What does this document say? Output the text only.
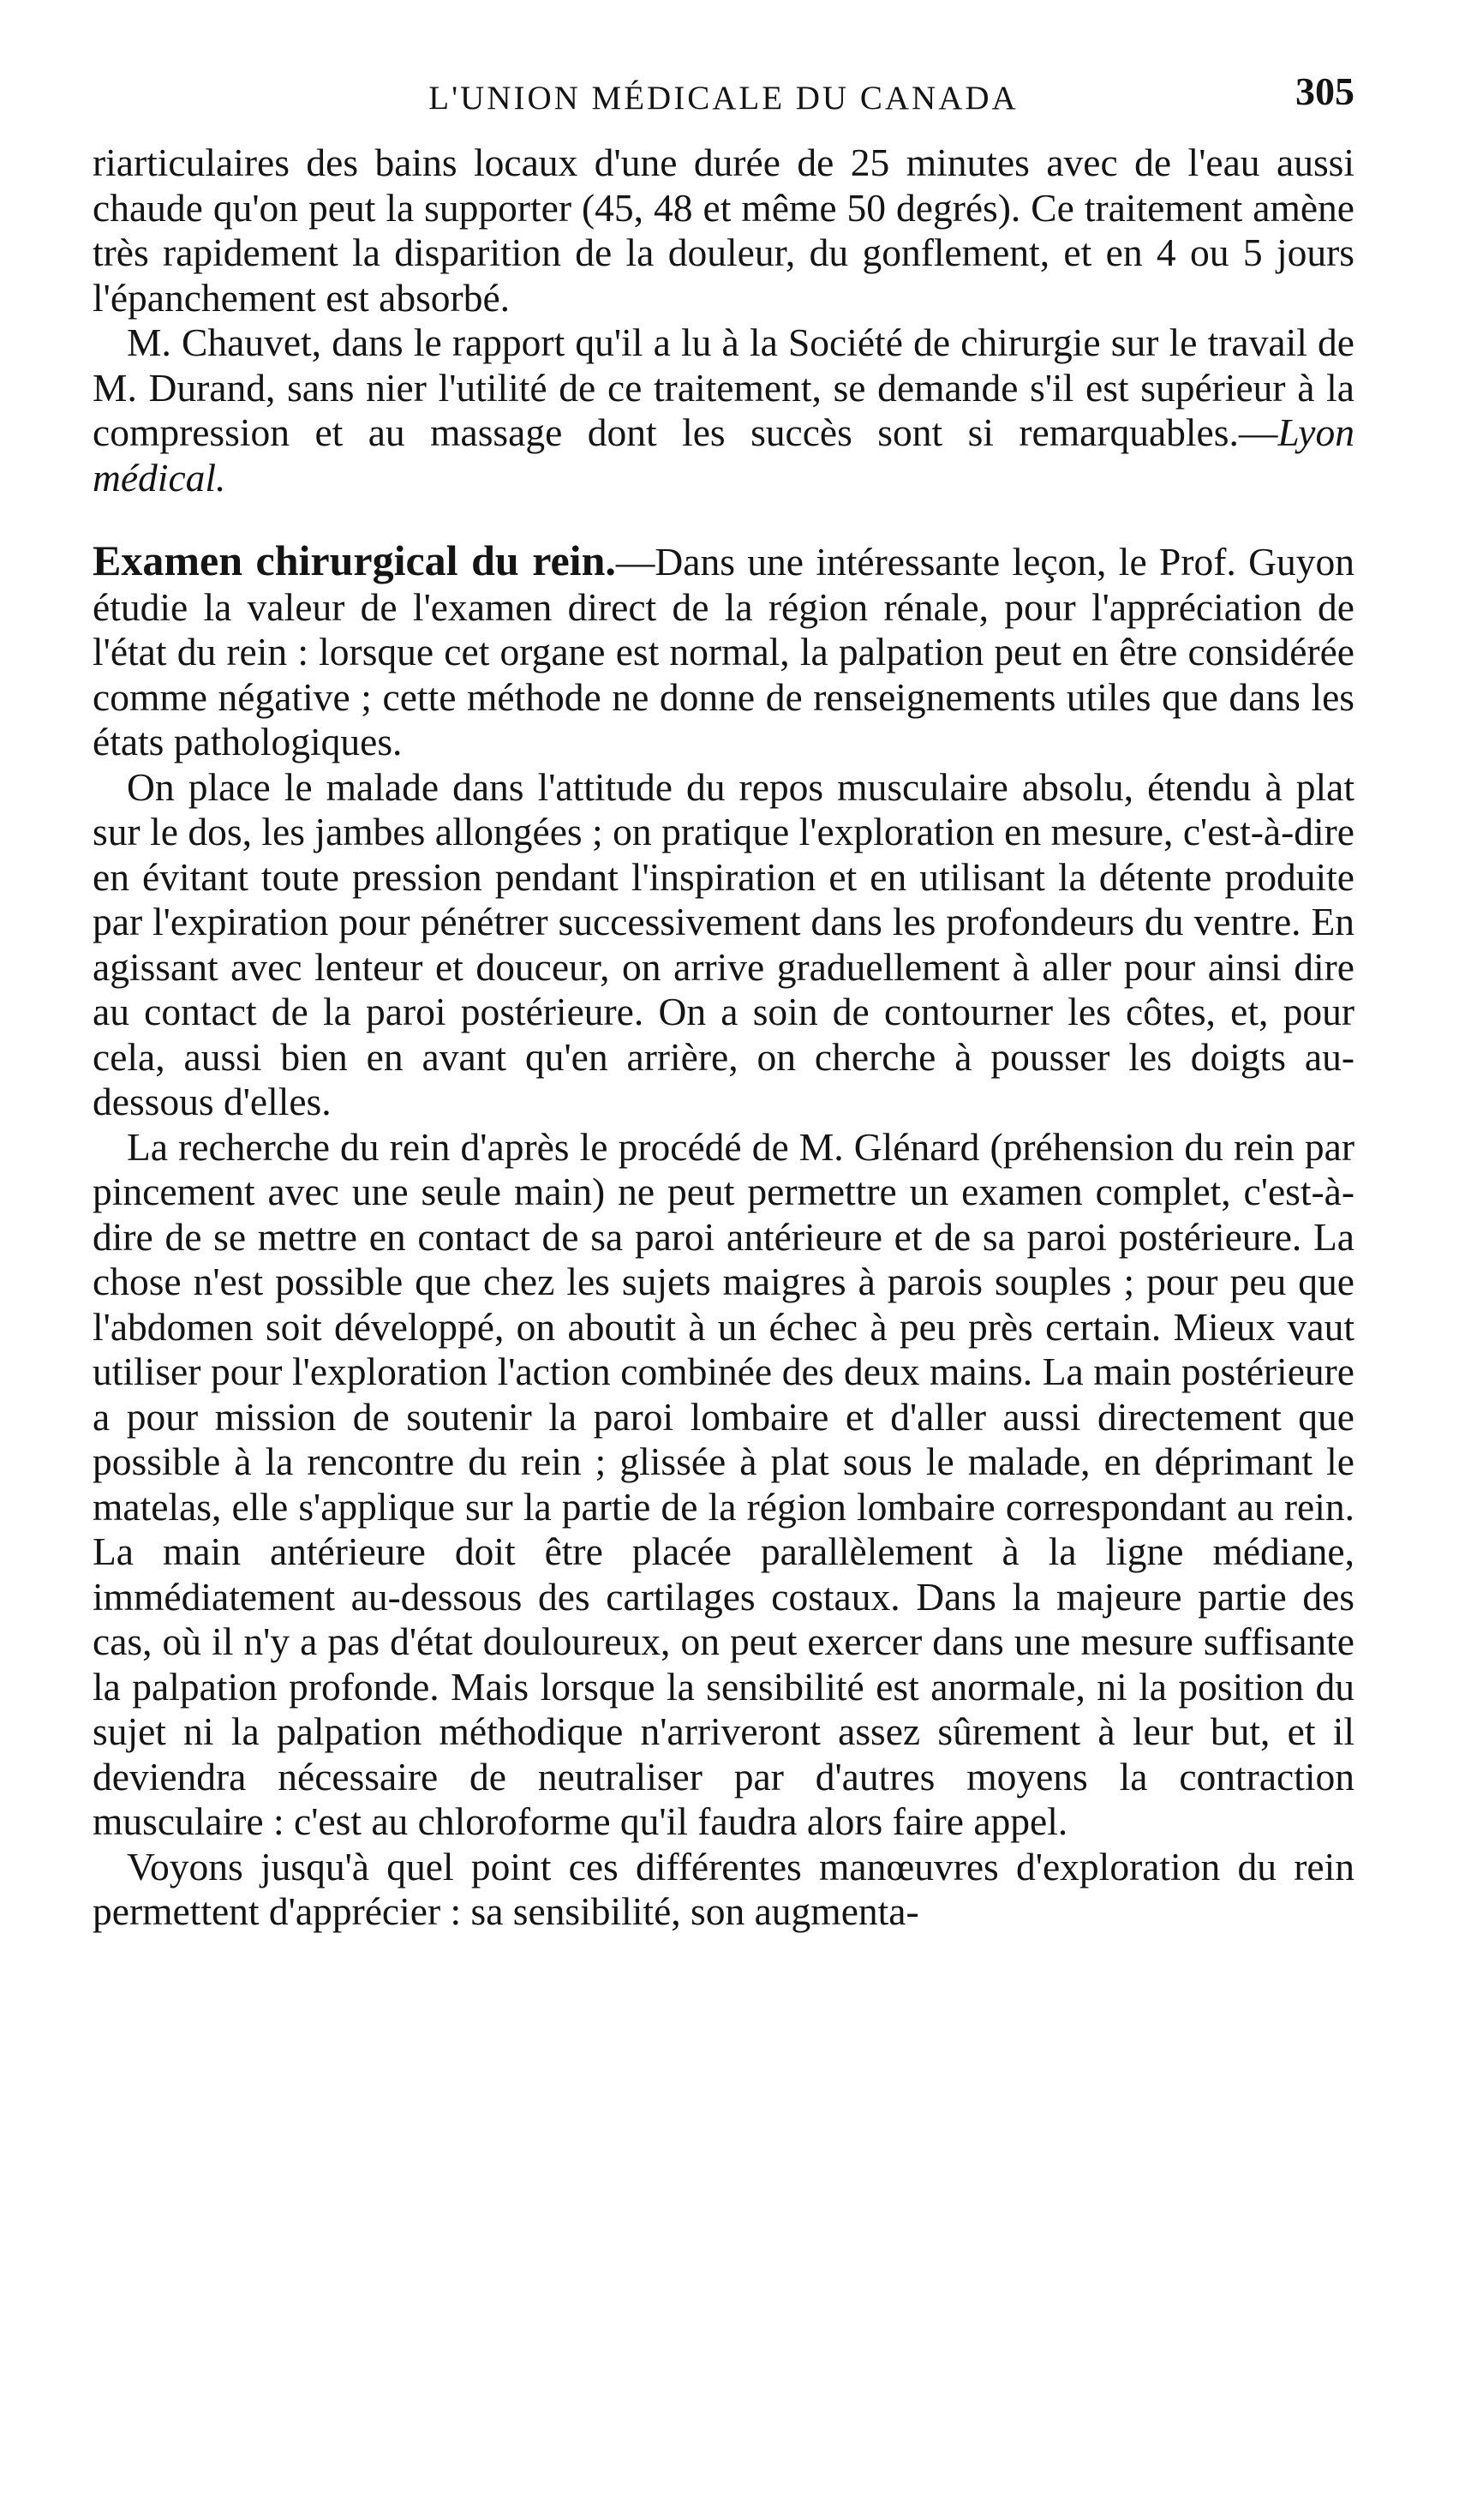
L'UNION MÉDICALE DU CANADA	305

riarticulaires des bains locaux d'une durée de 25 minutes avec de l'eau aussi chaude qu'on peut la supporter (45, 48 et même 50 degrés). Ce traitement amène très rapidement la disparition de la douleur, du gonflement, et en 4 ou 5 jours l'épanchement est absorbé.

M. Chauvet, dans le rapport qu'il a lu à la Société de chirurgie sur le travail de M. Durand, sans nier l'utilité de ce traitement, se demande s'il est supérieur à la compression et au massage dont les succès sont si remarquables.—Lyon médical.

Examen chirurgical du rein.—Dans une intéressante leçon, le Prof. Guyon étudie la valeur de l'examen direct de la région rénale, pour l'appréciation de l'état du rein : lorsque cet organe est normal, la palpation peut en être considérée comme négative ; cette méthode ne donne de renseignements utiles que dans les états pathologiques.

On place le malade dans l'attitude du repos musculaire absolu, étendu à plat sur le dos, les jambes allongées ; on pratique l'exploration en mesure, c'est-à-dire en évitant toute pression pendant l'inspiration et en utilisant la détente produite par l'expiration pour pénétrer successivement dans les profondeurs du ventre. En agissant avec lenteur et douceur, on arrive graduellement à aller pour ainsi dire au contact de la paroi postérieure. On a soin de contourner les côtes, et, pour cela, aussi bien en avant qu'en arrière, on cherche à pousser les doigts au-dessous d'elles.

La recherche du rein d'après le procédé de M. Glénard (préhension du rein par pincement avec une seule main) ne peut permettre un examen complet, c'est-à-dire de se mettre en contact de sa paroi antérieure et de sa paroi postérieure. La chose n'est possible que chez les sujets maigres à parois souples ; pour peu que l'abdomen soit développé, on aboutit à un échec à peu près certain. Mieux vaut utiliser pour l'exploration l'action combinée des deux mains. La main postérieure a pour mission de soutenir la paroi lombaire et d'aller aussi directement que possible à la rencontre du rein ; glissée à plat sous le malade, en déprimant le matelas, elle s'applique sur la partie de la région lombaire correspondant au rein. La main antérieure doit être placée parallèlement à la ligne médiane, immédiatement au-dessous des cartilages costaux. Dans la majeure partie des cas, où il n'y a pas d'état douloureux, on peut exercer dans une mesure suffisante la palpation profonde. Mais lorsque la sensibilité est anormale, ni la position du sujet ni la palpation méthodique n'arriveront assez sûrement à leur but, et il deviendra nécessaire de neutraliser par d'autres moyens la contraction musculaire : c'est au chloroforme qu'il faudra alors faire appel.

Voyons jusqu'à quel point ces différentes manœuvres d'exploration du rein permettent d'apprécier : sa sensibilité, son augmenta-
